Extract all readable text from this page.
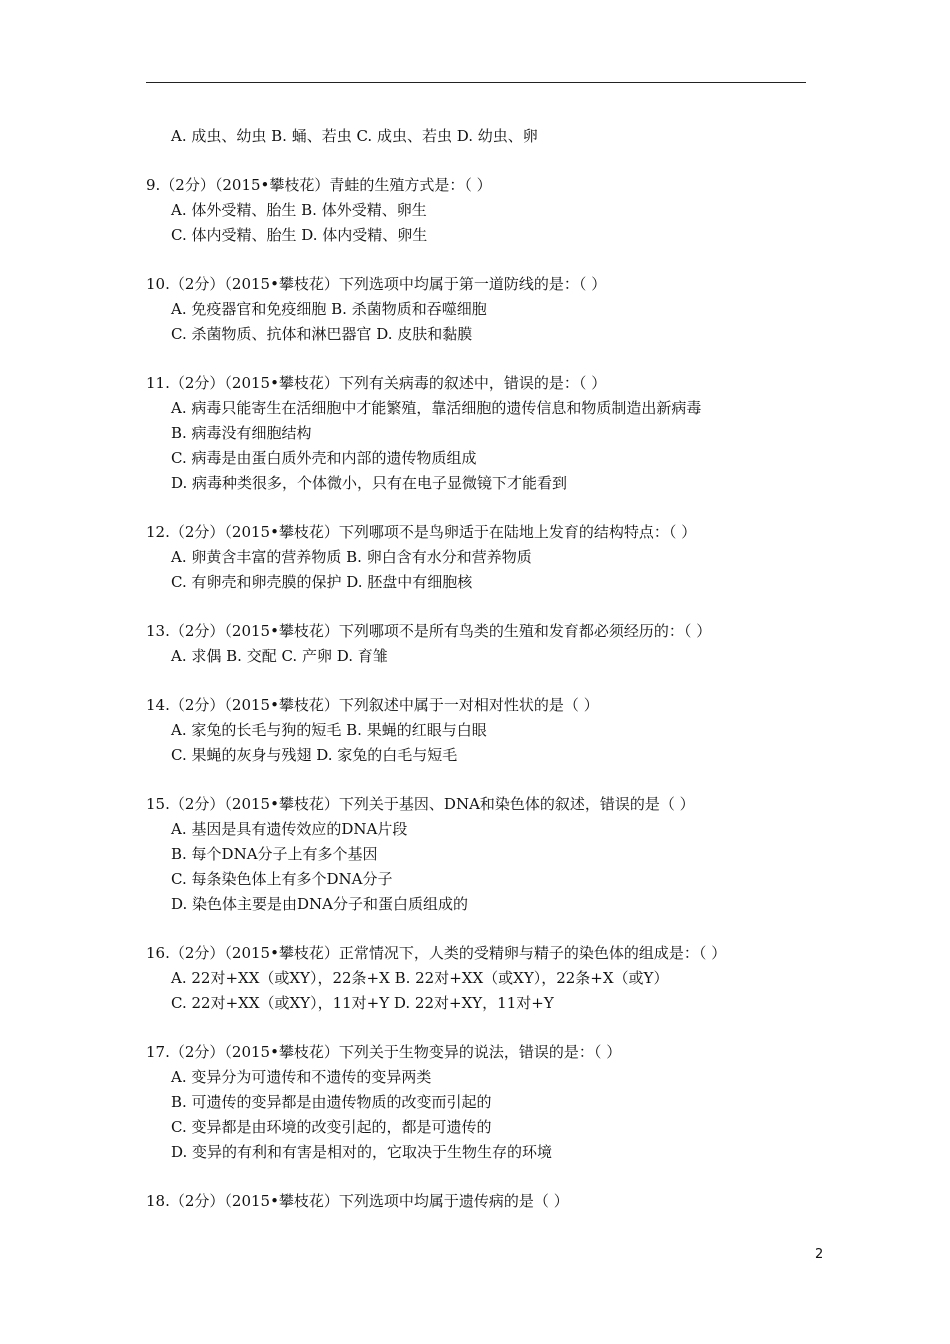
A. 成虫、幼虫 B. 蛹、若虫 C. 成虫、若虫 D. 幼虫、卵
9.（2分）（2015•攀枝花）青蛙的生殖方式是：（ ）
A. 体外受精、胎生 B. 体外受精、卵生
C. 体内受精、胎生 D. 体内受精、卵生
10.（2分）（2015•攀枝花）下列选项中均属于第一道防线的是：（ ）
A. 免疫器官和免疫细胞 B. 杀菌物质和吞噬细胞
C. 杀菌物质、抗体和淋巴器官 D. 皮肤和黏膜
11.（2分）（2015•攀枝花）下列有关病毒的叙述中，错误的是：（ ）
A. 病毒只能寄生在活细胞中才能繁殖，靠活细胞的遗传信息和物质制造出新病毒
B. 病毒没有细胞结构
C. 病毒是由蛋白质外壳和内部的遗传物质组成
D. 病毒种类很多，个体微小，只有在电子显微镜下才能看到
12.（2分）（2015•攀枝花）下列哪项不是鸟卵适于在陆地上发育的结构特点：（ ）
A. 卵黄含丰富的营养物质 B. 卵白含有水分和营养物质
C. 有卵壳和卵壳膜的保护 D. 胚盘中有细胞核
13.（2分）（2015•攀枝花）下列哪项不是所有鸟类的生殖和发育都必须经历的：（ ）
A. 求偶 B. 交配 C. 产卵 D. 育雏
14.（2分）（2015•攀枝花）下列叙述中属于一对相对性状的是（ ）
A. 家兔的长毛与狗的短毛 B. 果蝇的红眼与白眼
C. 果蝇的灰身与残翅 D. 家兔的白毛与短毛
15.（2分）（2015•攀枝花）下列关于基因、DNA和染色体的叙述，错误的是（ ）
A. 基因是具有遗传效应的DNA片段
B. 每个DNA分子上有多个基因
C. 每条染色体上有多个DNA分子
D. 染色体主要是由DNA分子和蛋白质组成的
16.（2分）（2015•攀枝花）正常情况下，人类的受精卵与精子的染色体的组成是：（ ）
A. 22对+XX（或XY），22条+X B. 22对+XX（或XY），22条+X（或Y）
C. 22对+XX（或XY），11对+Y D. 22对+XY，11对+Y
17.（2分）（2015•攀枝花）下列关于生物变异的说法，错误的是：（ ）
A. 变异分为可遗传和不遗传的变异两类
B. 可遗传的变异都是由遗传物质的改变而引起的
C. 变异都是由环境的改变引起的，都是可遗传的
D. 变异的有利和有害是相对的，它取决于生物生存的环境
18.（2分）（2015•攀枝花）下列选项中均属于遗传病的是（ ）
2
